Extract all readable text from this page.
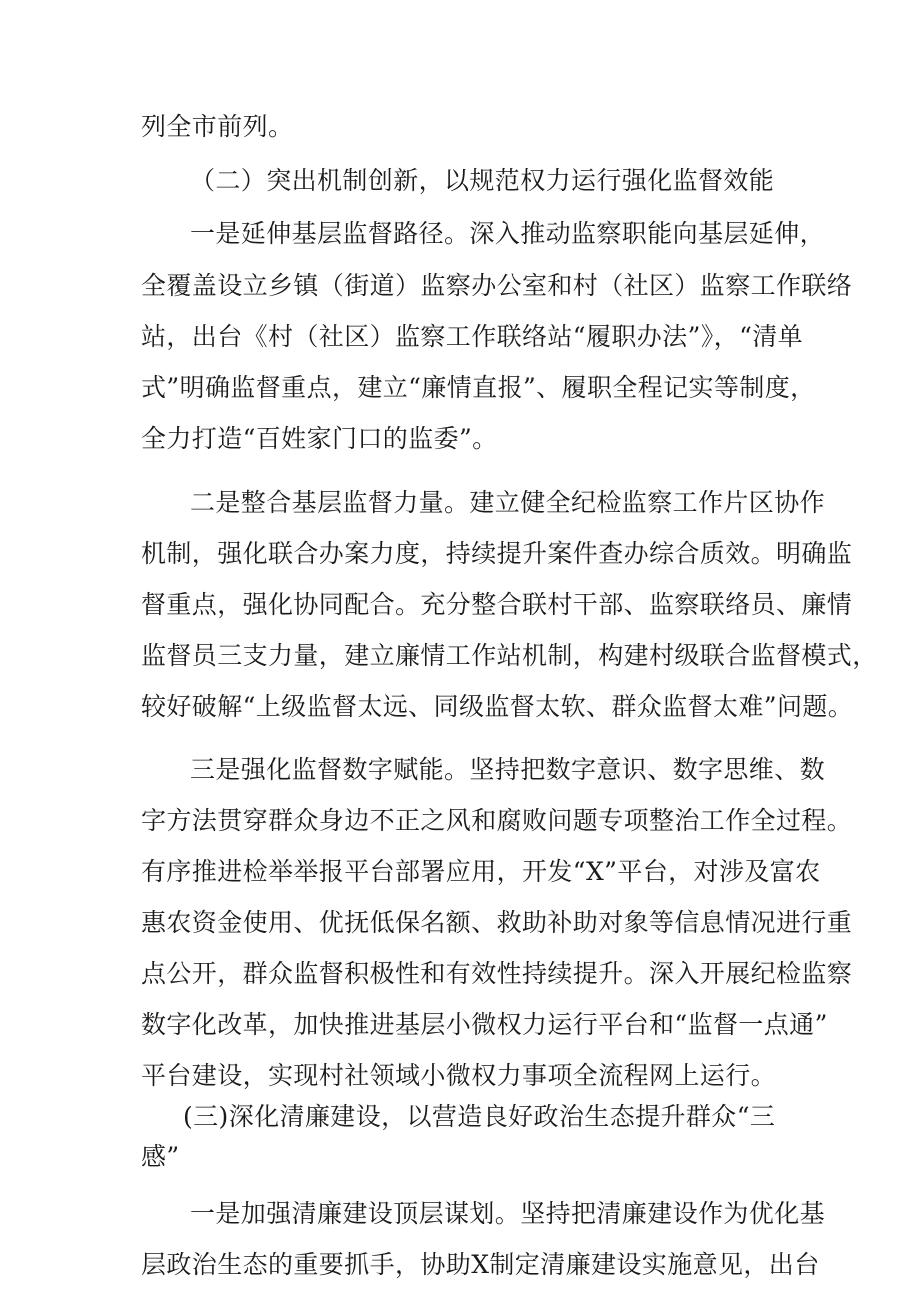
列全市前列。
（二）突出机制创新，以规范权力运行强化监督效能
一是延伸基层监督路径。深入推动监察职能向基层延伸，
全覆盖设立乡镇（街道）监察办公室和村（社区）监察工作联络
站，出台《村（社区）监察工作联络站“履职办法”》，“清单
式”明确监督重点，建立“廉情直报”、履职全程记实等制度，
全力打造“百姓家门口的监委”。
二是整合基层监督力量。建立健全纪检监察工作片区协作
机制，强化联合办案力度，持续提升案件查办综合质效。明确监
督重点，强化协同配合。充分整合联村干部、监察联络员、廉情
监督员三支力量，建立廉情工作站机制，构建村级联合监督模式，
较好破解“上级监督太远、同级监督太软、群众监督太难”问题。
三是强化监督数字赋能。坚持把数字意识、数字思维、数
字方法贯穿群众身边不正之风和腐败问题专项整治工作全过程。
有序推进检举举报平台部署应用，开发“X”平台，对涉及富农
惠农资金使用、优抚低保名额、救助补助对象等信息情况进行重
点公开，群众监督积极性和有效性持续提升。深入开展纪检监察
数字化改革，加快推进基层小微权力运行平台和“监督一点通”
平台建设，实现村社领域小微权力事项全流程网上运行。
(三)深化清廉建设，以营造良好政治生态提升群众“三
感”
一是加强清廉建设顶层谋划。坚持把清廉建设作为优化基
层政治生态的重要抓手，协助X制定清廉建设实施意见，出台
